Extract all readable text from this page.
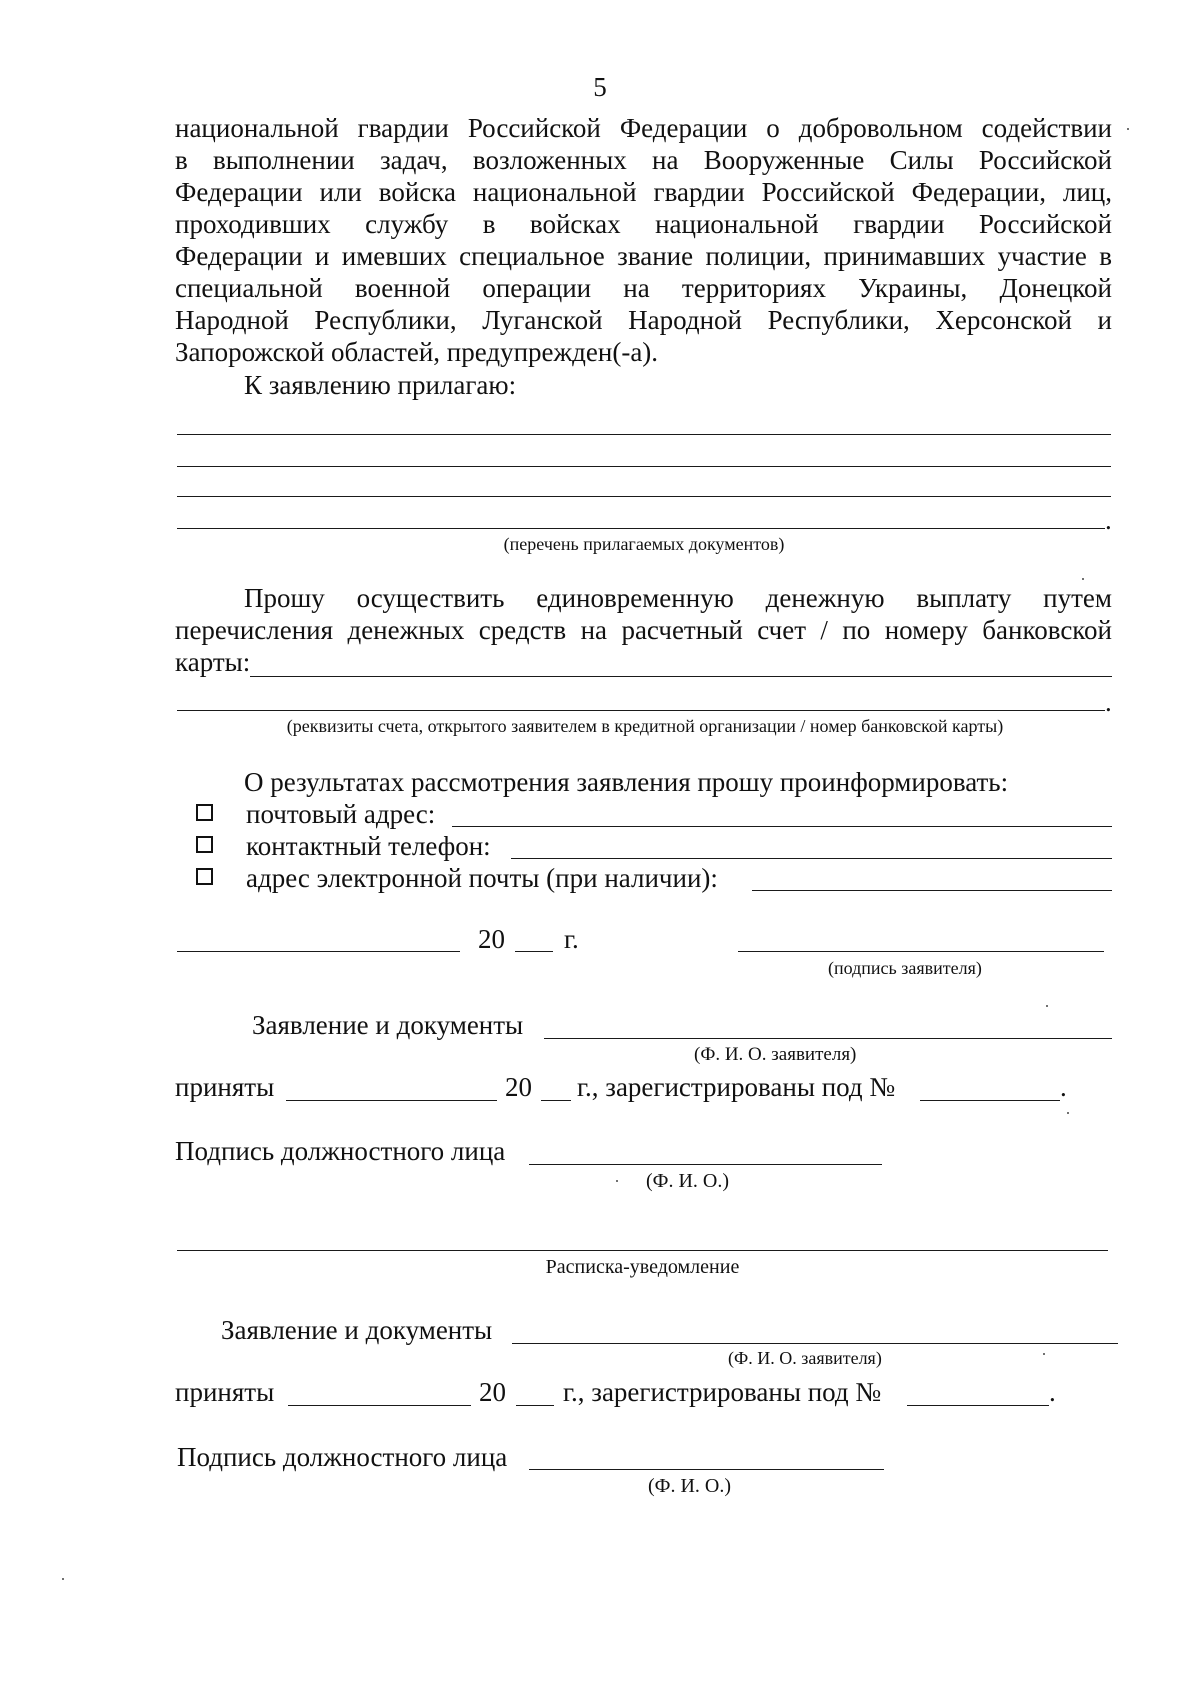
5
национальной гвардии Российской Федерации о добровольном содействии
в выполнении задач, возложенных на Вооруженные Силы Российской
Федерации или войска национальной гвардии Российской Федерации, лиц,
проходивших службу в войсках национальной гвардии Российской
Федерации и имевших специальное звание полиции, принимавших участие в
специальной военной операции на территориях Украины, Донецкой
Народной Республики, Луганской Народной Республики, Херсонской и
Запорожской областей, предупрежден(-а).
К заявлению прилагаю:
.
(перечень прилагаемых документов)
Прошу осуществить единовременную денежную выплату путем
перечисления денежных средств на расчетный счет / по номеру банковской
карты:
.
(реквизиты счета, открытого заявителем в кредитной организации / номер банковской карты)
О результатах рассмотрения заявления прошу проинформировать:
почтовый адрес:
контактный телефон:
адрес электронной почты (при наличии):
20 г.
(подпись заявителя)
Заявление и документы
(Ф. И. О. заявителя)
приняты	20 г., зарегистрированы под №	.
Подпись должностного лица
(Ф. И. О.)
Расписка-уведомление
Заявление и документы
(Ф. И. О. заявителя)
приняты	20 г., зарегистрированы под №	.
Подпись должностного лица
(Ф. И. О.)
